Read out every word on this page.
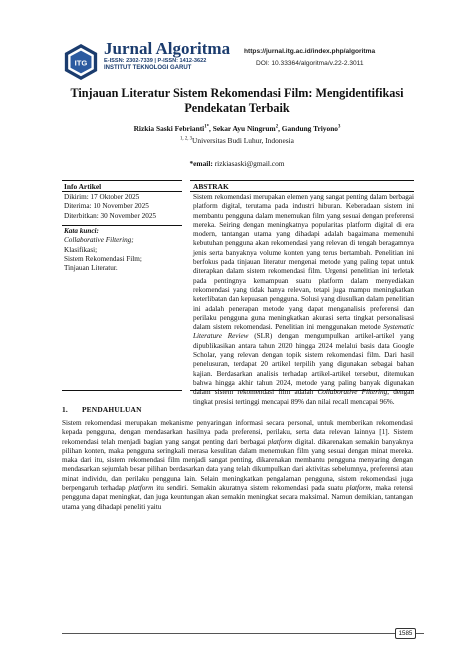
ITG
Jurnal Algoritma
E-ISSN: 2302-7339 | P-ISSN: 1412-3622
INSTITUT TEKNOLOGI GARUT
https://jurnal.itg.ac.id/index.php/algoritma
DOI: 10.33364/algoritma/v.22-2.3011
Tinjauan Literatur Sistem Rekomendasi Film: Mengidentifikasi
Pendekatan Terbaik
Rizkia Saski Febrianti$^{1*}$, Sekar Ayu Ningrum$^2$, Gandung Triyono$^3$
$^{1, 2, 3}$Universitas Budi Luhur, Indonesia
*email: rizkiasaski@gmail.com
Info Artikel	ABSTRAK
Dikirim: 17 Oktober 2025
Diterima: 10 November 2025
Diterbitkan: 30 November 2025
Kata kunci:
Collaborative Filtering;
Klasifikasi;
Sistem Rekomendasi Film;
Tinjauan Literatur.

Sistem rekomendasi merupakan elemen yang sangat penting dalam berbagai platform digital, terutama pada industri hiburan. Keberadaan sistem ini membantu pengguna dalam menemukan film yang sesuai dengan preferensi mereka. Seiring dengan meningkatnya popularitas platform digital di era modern, tantangan utama yang dihadapi adalah bagaimana memenuhi kebutuhan pengguna akan rekomendasi yang relevan di tengah beragamnya jenis serta banyaknya volume konten yang terus bertambah. Penelitian ini berfokus pada tinjauan literatur mengenai metode yang paling tepat untuk diterapkan dalam sistem rekomendasi film. Urgensi penelitian ini terletak pada pentingnya kemampuan suatu platform dalam menyediakan rekomendasi yang tidak hanya relevan, tetapi juga mampu meningkatkan keterlibatan dan kepuasan pengguna. Solusi yang diusulkan dalam penelitian ini adalah penerapan metode yang dapat menganalisis preferensi dan perilaku pengguna guna meningkatkan akurasi serta tingkat personalisasi dalam sistem rekomendasi. Penelitian ini menggunakan metode Systematic Literature Review (SLR) dengan mengumpulkan artikel-artikel yang dipublikasikan antara tahun 2020 hingga 2024 melalui basis data Google Scholar, yang relevan dengan topik sistem rekomendasi film. Dari hasil penelusuran, terdapat 20 artikel terpilih yang digunakan sebagai bahan kajian. Berdasarkan analisis terhadap artikel-artikel tersebut, ditemukan bahwa hingga akhir tahun 2024, metode yang paling banyak digunakan dalam sistem rekomendasi film adalah Collaborative Filtering, dengan tingkat presisi tertinggi mencapai 89% dan nilai recall mencapai 96%.

1. PENDAHULUAN
Sistem rekomendasi merupakan mekanisme penyaringan informasi secara personal, untuk memberikan rekomendasi kepada pengguna, dengan mendasarkan hasilnya pada preferensi, perilaku, serta data relevan lainnya [1]. Sistem rekomendasi telah menjadi bagian yang sangat penting dari berbagai platform digital. dikarenakan semakin banyaknya pilihan konten, maka pengguna seringkali merasa kesulitan dalam menemukan film yang sesuai dengan minat mereka. maka dari itu, sistem rekomendasi film menjadi sangat penting, dikarenakan membantu pengguna menyaring dengan mendasarkan sejumlah besar pilihan berdasarkan data yang telah dikumpulkan dari aktivitas sebelumnya, preferensi atau minat individu, dan perilaku pengguna lain. Selain meningkatkan pengalaman pengguna, sistem rekomendasi juga berpengaruh terhadap platform itu sendiri. Semakin akuratnya sistem rekomendasi pada suatu platform, maka retensi pengguna dapat meningkat, dan juga keuntungan akan semakin meningkat secara maksimal. Namun demikian, tantangan utama yang dihadapi peneliti yaitu
1585
